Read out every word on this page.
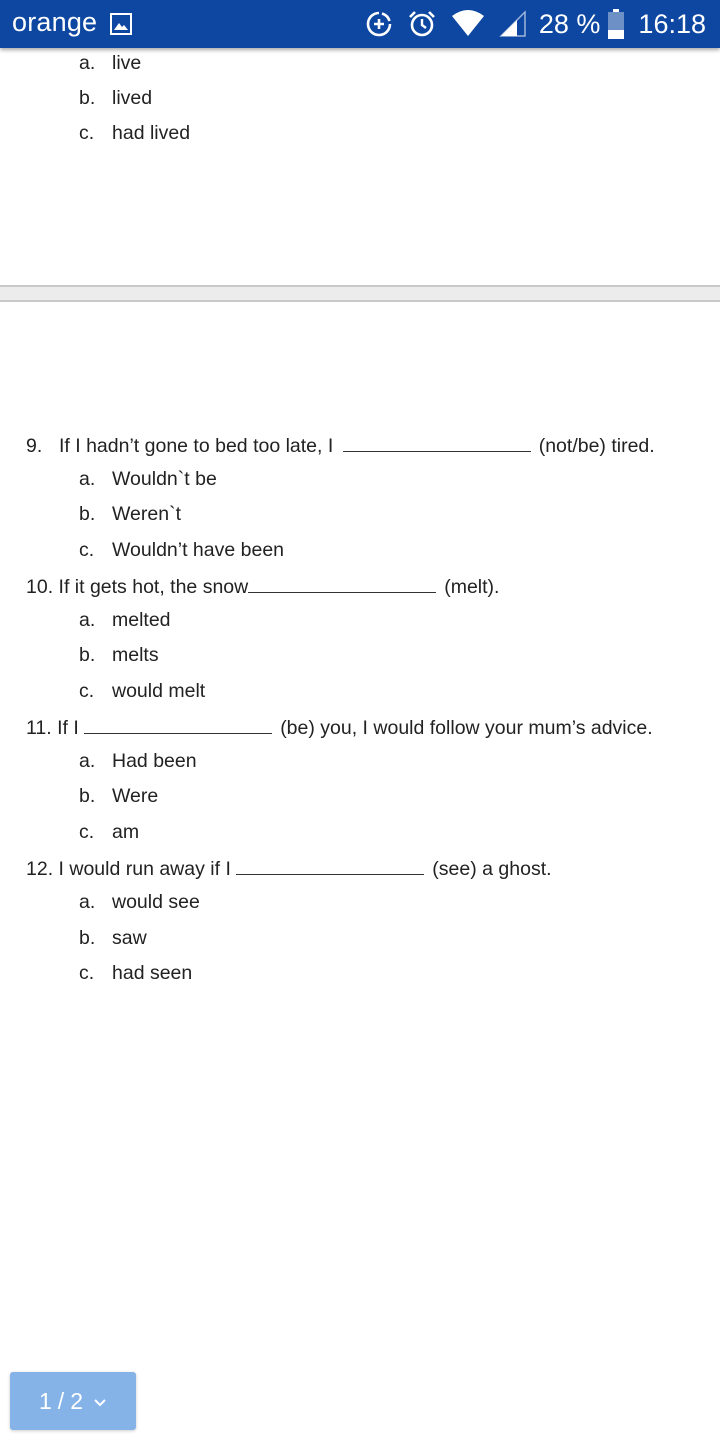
orange	28 % 16:18
a. live
b. lived
c. had lived
9. If I hadn’t gone to bed too late, I	(not/be) tired.
a. Wouldn`t be
b. Weren`t
c. Wouldn’t have been
10. If it gets hot, the snow	(melt).
a. melted
b. melts
c. would melt
11. If I	(be) you, I would follow your mum’s advice.
a. Had been
b. Were
c. am
12. I would run away if I	(see) a ghost.
a. would see
b. saw
c. had seen
1 / 2
